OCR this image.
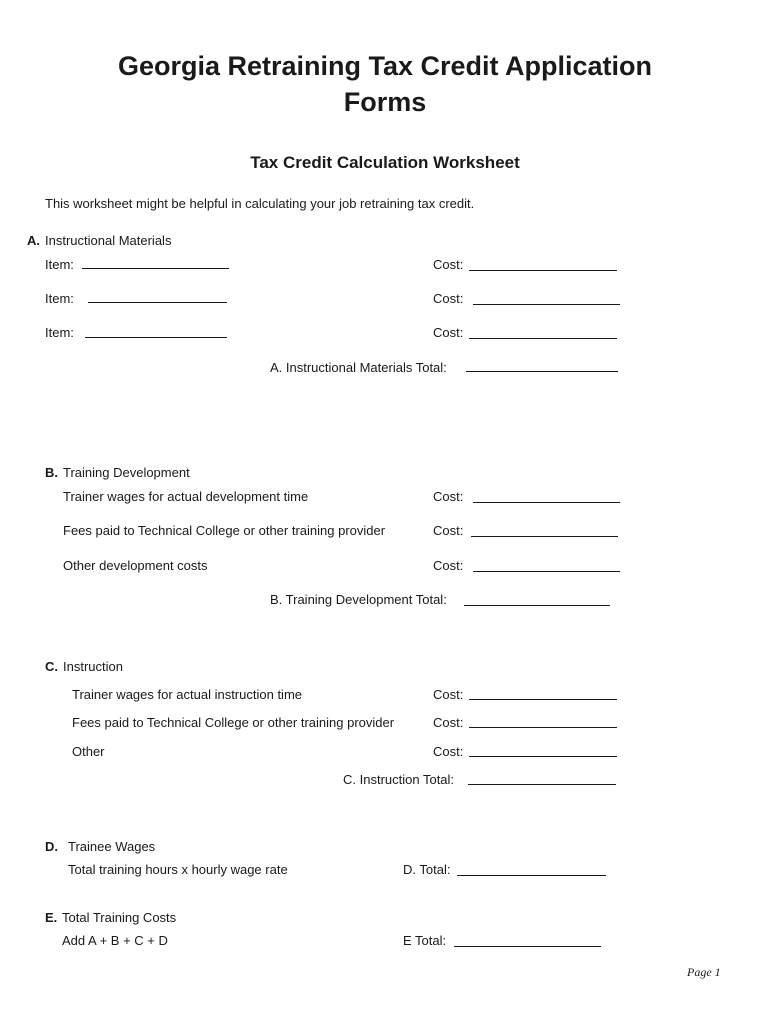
Georgia Retraining Tax Credit Application
Forms
Tax Credit Calculation Worksheet
This worksheet might be helpful in calculating your job retraining tax credit.
A. Instructional Materials
Item:	Cost:
Item:	Cost:
Item:	Cost:
A. Instructional Materials Total:
B. Training Development
Trainer wages for actual development time	Cost:
Fees paid to Technical College or other training provider	Cost:
Other development costs	Cost:
B. Training Development Total:
C. Instruction
Trainer wages for actual instruction time	Cost:
Fees paid to Technical College or other training provider	Cost:
Other	Cost:
C. Instruction Total:
D. Trainee Wages
Total training hours x hourly wage rate	D. Total:
E. Total Training Costs
Add A + B + C + D	E Total:
Page 1
